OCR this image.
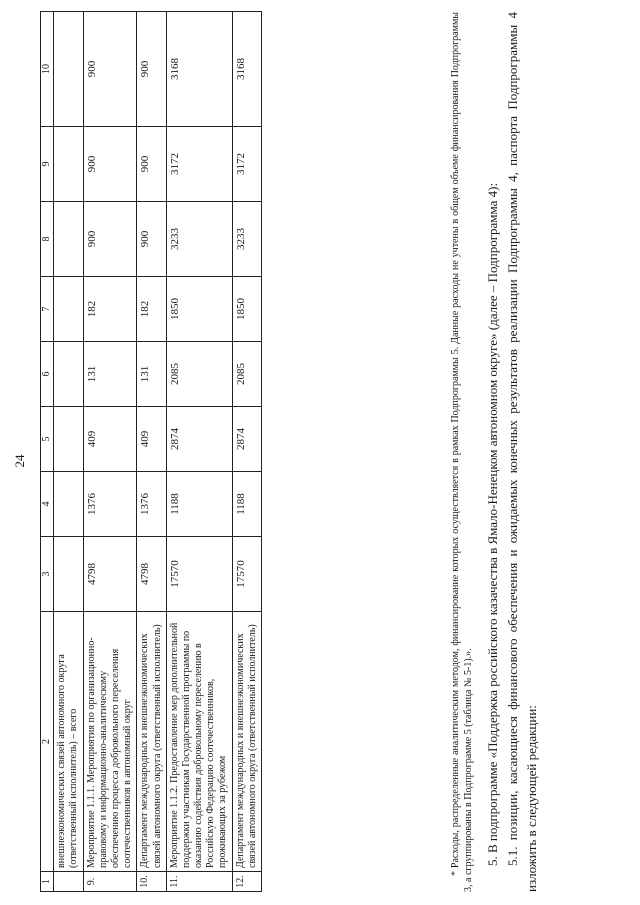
24
1	2	3	4	5	6	7	8	9	10
	внешнеэкономических связей автономного округа (ответственный исполнитель) – всего								
9.	Мероприятие 1.1.1. Мероприятия по организационно-правовому и информационно-аналитическому обеспечению процесса добровольного переселения соотечественников в автономный округ	4798	1376	409	131	182	900	900	900
10.	Департамент международных и внешнеэкономических связей автономного округа (ответственный исполнитель)	4798	1376	409	131	182	900	900	900
11.	Мероприятие 1.1.2. Предоставление мер дополнительной поддержки участникам Государственной программы по оказанию содействия добровольному переселению в Российскую Федерацию соотечественников, проживающих за рубежом	17570	1188	2874	2085	1850	3233	3172	3168
12.	Департамент международных и внешнеэкономических связей автономного округа (ответственный исполнитель)	17570	1188	2874	2085	1850	3233	3172	3168	* Расходы, распределенные аналитическим методом, финансирование которых осуществляется в рамках Подпрограммы 5. Данные расходы не учтены в общем объеме финансирования Подпрограммы 3, а сгруппированы в Подпрограмме 5 (таблица № 5-1).». 5. В подпрограмме «Поддержка российского казачества в Ямало-Ненецком автономном округе» (далее – Подпрограмма 4): 5.1. позиции, касающиеся финансового обеспечения и ожидаемых конечных результатов реализации Подпрограммы 4, паспорта Подпрограммы 4 изложить в следующей редакции:
